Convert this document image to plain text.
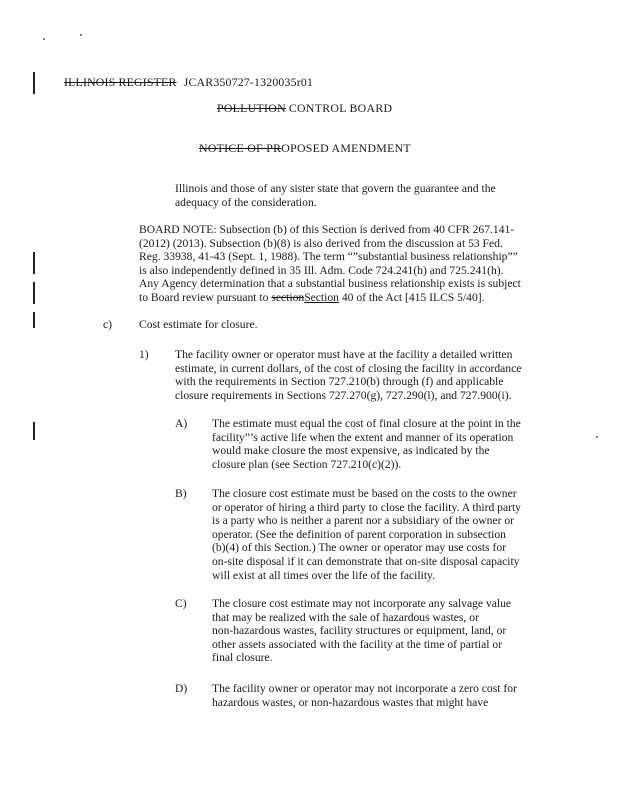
ILLINOIS REGISTER JCAR350727-1320035r01
POLLUTION CONTROL BOARD
NOTICE OF PROPOSED AMENDMENT
Illinois and those of any sister state that govern the guarantee and the
adequacy of the consideration.
BOARD NOTE: Subsection (b) of this Section is derived from 40 CFR 267.141-
(2012) (2013). Subsection (b)(8) is also derived from the discussion at 53 Fed.
Reg. 33938, 41-43 (Sept. 1, 1988). The term “”substantial business relationship””
is also independently defined in 35 Ill. Adm. Code 724.241(h) and 725.241(h).
Any Agency determination that a substantial business relationship exists is subject
to Board review pursuant to sectionSection 40 of the Act [415 ILCS 5/40].
c) Cost estimate for closure.
1) The facility owner or operator must have at the facility a detailed written
estimate, in current dollars, of the cost of closing the facility in accordance
with the requirements in Section 727.210(b) through (f) and applicable
closure requirements in Sections 727.270(g), 727.290(l), and 727.900(i).
A) The estimate must equal the cost of final closure at the point in the
facility”’s active life when the extent and manner of its operation
would make closure the most expensive, as indicated by the
closure plan (see Section 727.210(c)(2)).
B) The closure cost estimate must be based on the costs to the owner
or operator of hiring a third party to close the facility. A third party
is a party who is neither a parent nor a subsidiary of the owner or
operator. (See the definition of parent corporation in subsection
(b)(4) of this Section.) The owner or operator may use costs for
on-site disposal if it can demonstrate that on-site disposal capacity
will exist at all times over the life of the facility.
C) The closure cost estimate may not incorporate any salvage value
that may be realized with the sale of hazardous wastes, or
non-hazardous wastes, facility structures or equipment, land, or
other assets associated with the facility at the time of partial or
final closure.
D) The facility owner or operator may not incorporate a zero cost for
hazardous wastes, or non-hazardous wastes that might have
